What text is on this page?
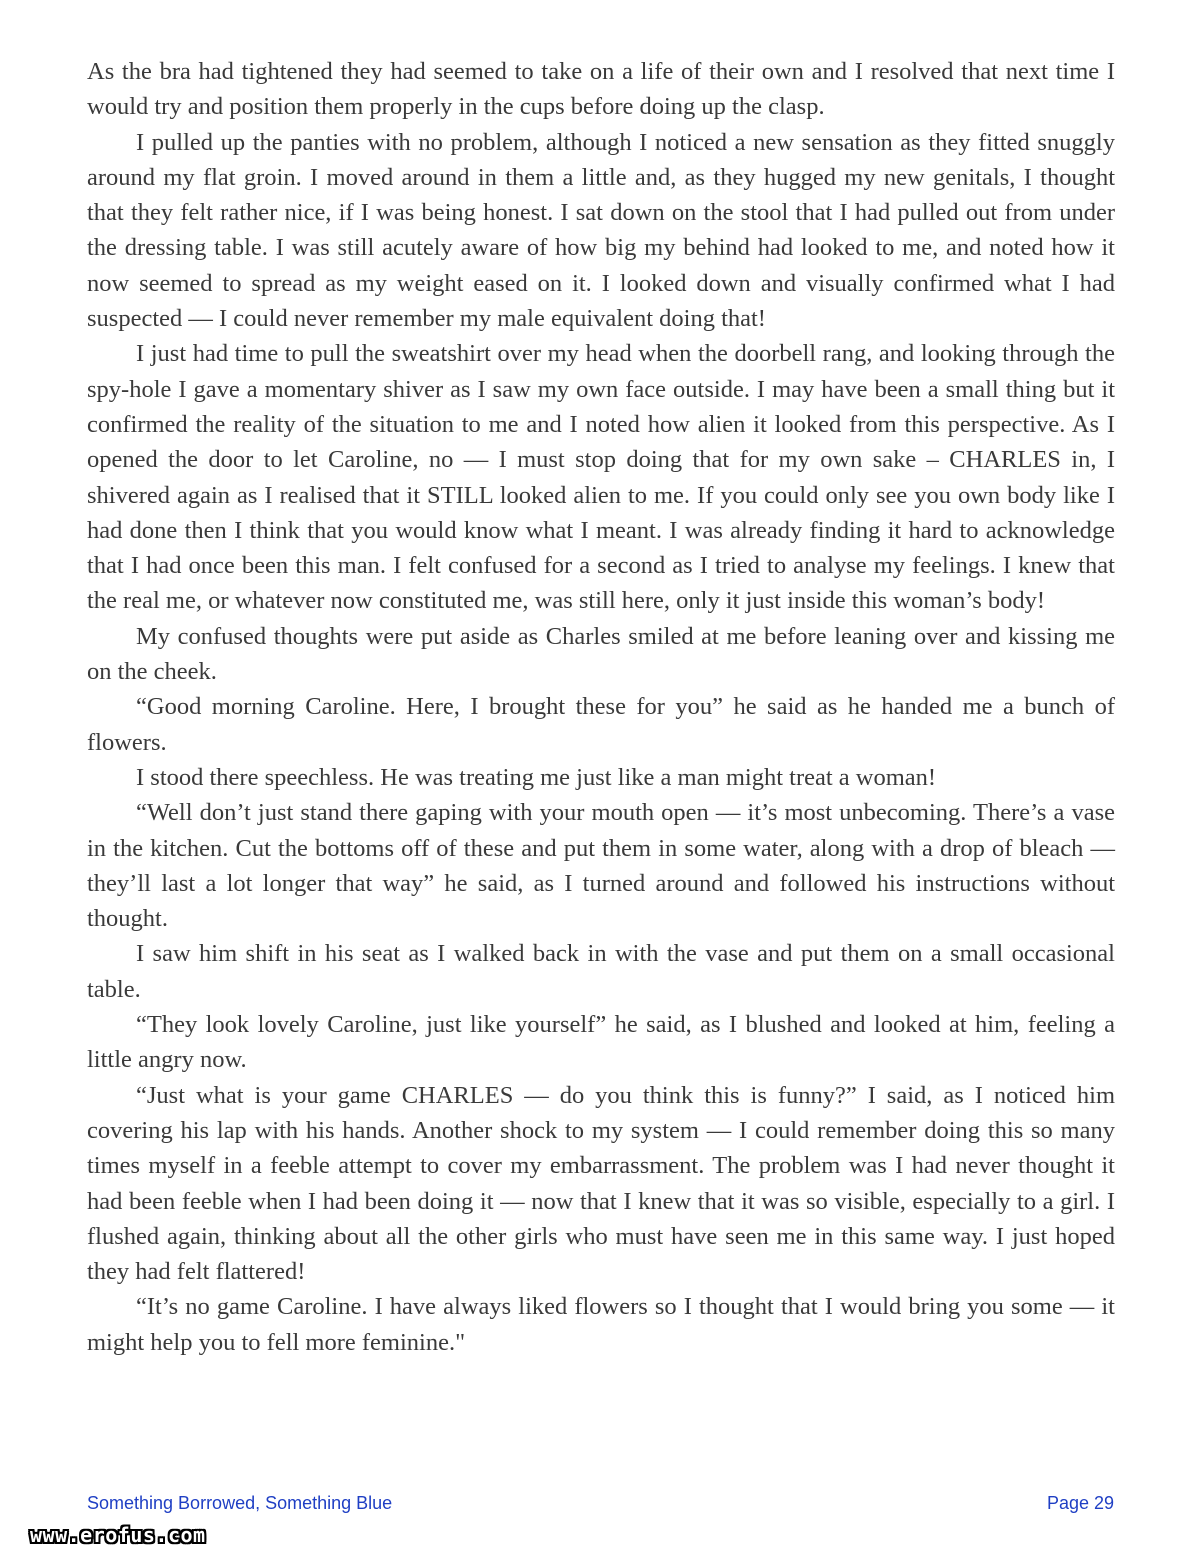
As the bra had tightened they had seemed to take on a life of their own and I resolved that next time I would try and position them properly in the cups before doing up the clasp.

I pulled up the panties with no problem, although I noticed a new sensation as they fitted snuggly around my flat groin. I moved around in them a little and, as they hugged my new genitals, I thought that they felt rather nice, if I was being honest. I sat down on the stool that I had pulled out from under the dressing table. I was still acutely aware of how big my behind had looked to me, and noted how it now seemed to spread as my weight eased on it. I looked down and visually confirmed what I had suspected — I could never remember my male equivalent doing that!

I just had time to pull the sweatshirt over my head when the doorbell rang, and looking through the spy-hole I gave a momentary shiver as I saw my own face outside. I may have been a small thing but it confirmed the reality of the situation to me and I noted how alien it looked from this perspective. As I opened the door to let Caroline, no — I must stop doing that for my own sake – CHARLES in, I shivered again as I realised that it STILL looked alien to me. If you could only see you own body like I had done then I think that you would know what I meant. I was already finding it hard to acknowledge that I had once been this man. I felt confused for a second as I tried to analyse my feelings. I knew that the real me, or whatever now constituted me, was still here, only it just inside this woman’s body!

My confused thoughts were put aside as Charles smiled at me before leaning over and kissing me on the cheek.

“Good morning Caroline. Here, I brought these for you” he said as he handed me a bunch of flowers.

I stood there speechless. He was treating me just like a man might treat a woman!

“Well don’t just stand there gaping with your mouth open — it’s most unbecoming. There’s a vase in the kitchen. Cut the bottoms off of these and put them in some water, along with a drop of bleach — they’ll last a lot longer that way” he said, as I turned around and followed his instructions without thought.

I saw him shift in his seat as I walked back in with the vase and put them on a small occasional table.

“They look lovely Caroline, just like yourself” he said, as I blushed and looked at him, feeling a little angry now.

“Just what is your game CHARLES — do you think this is funny?” I said, as I noticed him covering his lap with his hands. Another shock to my system — I could remember doing this so many times myself in a feeble attempt to cover my embarrassment. The problem was I had never thought it had been feeble when I had been doing it — now that I knew that it was so visible, especially to a girl. I flushed again, thinking about all the other girls who must have seen me in this same way. I just hoped they had felt flattered!

“It’s no game Caroline. I have always liked flowers so I thought that I would bring you some — it might help you to fell more feminine."

Something Borrowed, Something Blue	Page 29
www.erofus.com
